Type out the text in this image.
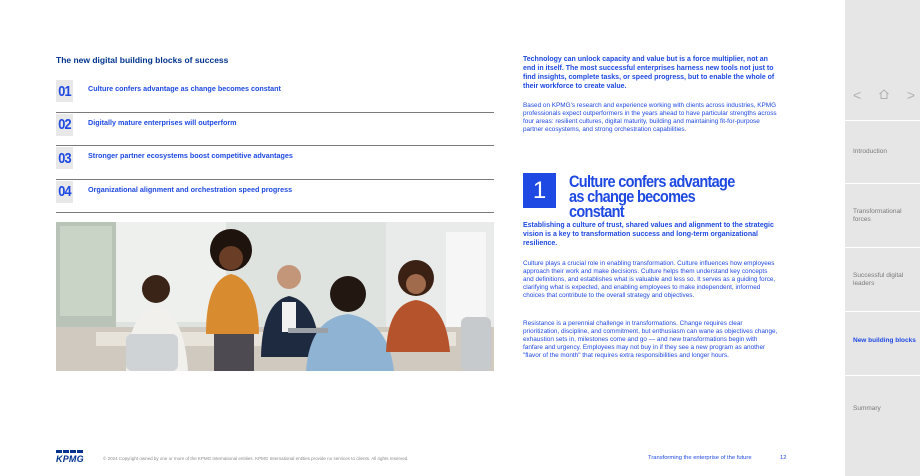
The new digital building blocks of success
01	Culture confers advantage as change becomes constant
02	Digitally mature enterprises will outperform
03	Stronger partner ecosystems boost competitive advantages
04	Organizational alignment and orchestration speed progress
Technology can unlock capacity and value but is a force multiplier, not an end in itself. The most successful enterprises harness new tools not just to find insights, complete tasks, or speed progress, but to enable the whole of their workforce to create value.
Based on KPMG's research and experience working with clients across industries, KPMG professionals expect outperformers in the years ahead to have particular strengths across four areas: resilient cultures, digital maturity, building and maintaining fit-for-purpose partner ecosystems, and strong orchestration capabilities.
1	Culture confers advantage as change becomes constant
Establishing a culture of trust, shared values and alignment to the strategic vision is a key to transformation success and long-term organizational resilience.
Culture plays a crucial role in enabling transformation. Culture influences how employees approach their work and make decisions. Culture helps them understand key concepts and definitions, and establishes what is valuable and less so. It serves as a guiding force, clarifying what is expected, and enabling employees to make independent, informed choices that contribute to the overall strategy and objectives.
Resistance is a perennial challenge in transformations. Change requires clear prioritization, discipline, and commitment, but enthusiasm can wane as objectives change, exhaustion sets in, milestones come and go — and new transformations begin with fanfare and urgency. Employees may not buy in if they see a new program as another "flavor of the month" that requires extra responsibilities and longer hours.
KPMG	© 2024 Copyright owned by one or more of the KPMG International entities. KPMG International entities provide no services to clients. All rights reserved.	Transforming the enterprise of the future	12
<	>
Introduction
Transformational forces
Successful digital leaders
New building blocks
Summary
